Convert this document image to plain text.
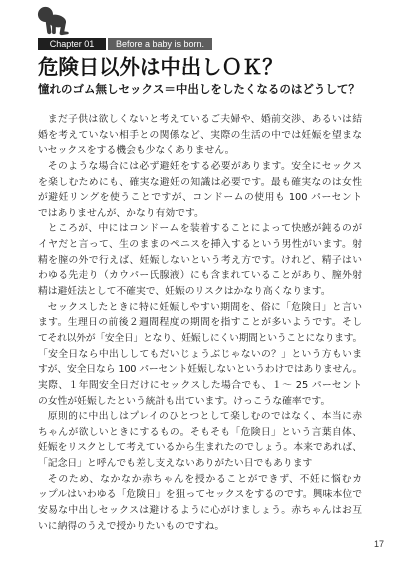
Chapter 01	Before a baby is born.
危険日以外は中出しＯＫ？
憧れのゴム無しセックス＝中出しをしたくなるのはどうして？
まだ子供は欲しくないと考えているご夫婦や、婚前交渉、あるいは結
婚を考えていない相手との関係など、実際の生活の中では妊娠を望まな
いセックスをする機会も少なくありません。
そのような場合には必ず避妊をする必要があります。安全にセックス
を楽しむためにも、確実な避妊の知識は必要です。最も確実なのは女性
が避妊リングを使うことですが、コンドームの使用も 100 パーセント
ではありませんが、かなり有効です。
ところが、中にはコンドームを装着することによって快感が鈍るのが
イヤだと言って、生のままのペニスを挿入するという男性がいます。射
精を膣の外で行えば、妊娠しないという考え方です。けれど、精子はい
わゆる先走り（カウパー氏腺液）にも含まれていることがあり、膣外射
精は避妊法として不確実で、妊娠のリスクはかなり高くなります。
セックスしたときに特に妊娠しやすい期間を、俗に「危険日」と言い
ます。生理日の前後２週間程度の期間を指すことが多いようです。そし
てそれ以外が「安全日」となり、妊娠しにくい期間ということになります。
「安全日なら中出ししてもだいじょうぶじゃないの？」という方もいま
すが、安全日なら 100 パーセント妊娠しないというわけではありません。
実際、１年間安全日だけにセックスした場合でも、１～ 25 パーセント
の女性が妊娠したという統計も出ています。けっこうな確率です。
原則的に中出しはプレイのひとつとして楽しむのではなく、本当に赤
ちゃんが欲しいときにするもの。そもそも「危険日」という言葉自体、
妊娠をリスクとして考えているから生まれたのでしょう。本来であれば、
「記念日」と呼んでも差し支えないありがたい日でもあります
そのため、なかなか赤ちゃんを授かることができず、不妊に悩むカ
ップルはいわゆる「危険日」を狙ってセックスをするのです。興味本位で
安易な中出しセックスは避けるように心がけましょう。赤ちゃんはお互
いに納得のうえで授かりたいものですね。
17
